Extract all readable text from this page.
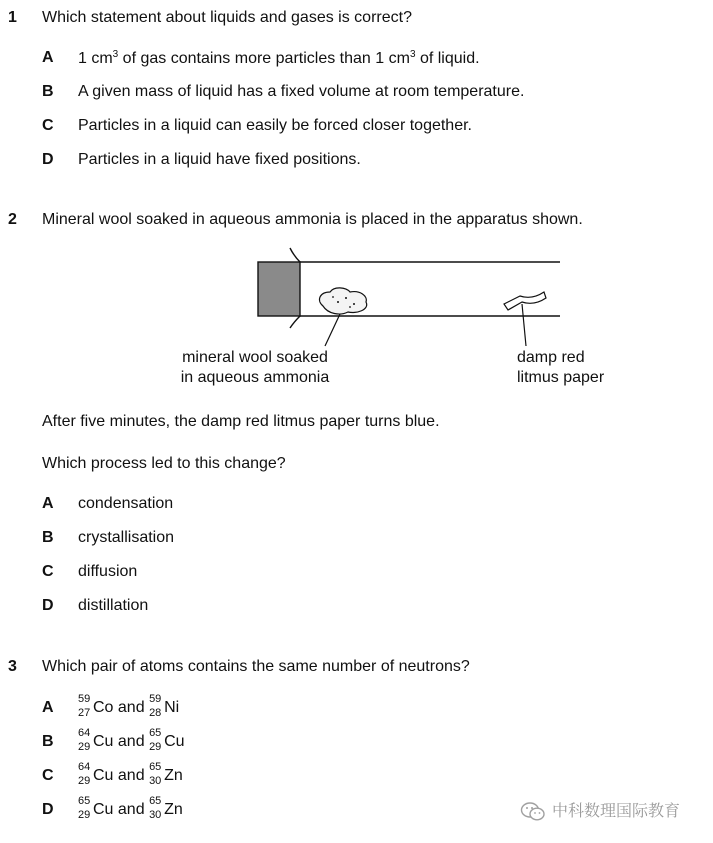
1 Which statement about liquids and gases is correct?
A 1 $cm^3$ of gas contains more particles than 1 $cm^3$ of liquid.
B A given mass of liquid has a fixed volume at room temperature.
C Particles in a liquid can easily be forced closer together.
D Particles in a liquid have fixed positions.
2 Mineral wool soaked in aqueous ammonia is placed in the apparatus shown.
mineral wool soaked
in aqueous ammonia
damp red
litmus paper
After five minutes, the damp red litmus paper turns blue.
Which process led to this change?
A condensation
B crystallisation
C diffusion
D distillation
3 Which pair of atoms contains the same number of neutrons?
A 59
27 Co and 59
28 Ni
B 64
29 Cu and 65
29 Cu
C 64
29 Cu and 65
30 Zn
D 65
29 Cu and 65
30 Zn	中科数理国际教育
